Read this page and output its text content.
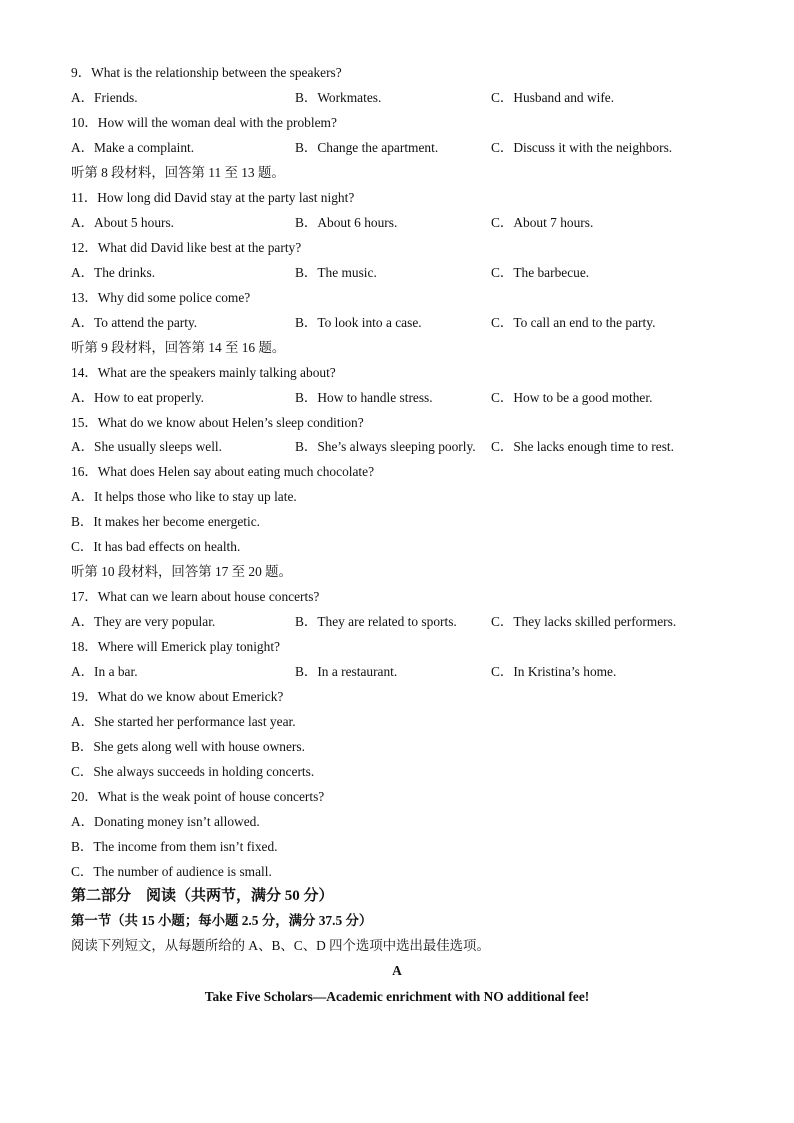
9．What is the relationship between the speakers?
A．Friends.	B．Workmates.	C．Husband and wife.
10．How will the woman deal with the problem?
A．Make a complaint.	B．Change the apartment.	C．Discuss it with the neighbors.
听第 8 段材料，回答第 11 至 13 题。
11．How long did David stay at the party last night?
A．About 5 hours.	B．About 6 hours.	C．About 7 hours.
12．What did David like best at the party?
A．The drinks.	B．The music.	C．The barbecue.
13．Why did some police come?
A．To attend the party.	B．To look into a case.	C．To call an end to the party.
听第 9 段材料，回答第 14 至 16 题。
14．What are the speakers mainly talking about?
A．How to eat properly.	B．How to handle stress.	C．How to be a good mother.
15．What do we know about Helen’s sleep condition?
A．She usually sleeps well.	B．She’s always sleeping poorly. C．She lacks enough time to rest.
16．What does Helen say about eating much chocolate?
A．It helps those who like to stay up late.
B．It makes her become energetic.
C．It has bad effects on health.
听第 10 段材料，回答第 17 至 20 题。
17．What can we learn about house concerts?
A．They are very popular.	B．They are related to sports.	C．They lacks skilled performers.
18．Where will Emerick play tonight?
A．In a bar.	B．In a restaurant.	C．In Kristina’s home.
19．What do we know about Emerick?
A．She started her performance last year.
B．She gets along well with house owners.
C．She always succeeds in holding concerts.
20．What is the weak point of house concerts?
A．Donating money isn’t allowed.
B．The income from them isn’t fixed.
C．The number of audience is small.
第二部分　阅读（共两节，满分 50 分）
第一节（共 15 小题；每小题 2.5 分，满分 37.5 分）
阅读下列短文，从每题所给的 A、B、C、D 四个选项中选出最佳选项。
A
Take Five Scholars—Academic enrichment with NO additional fee!
